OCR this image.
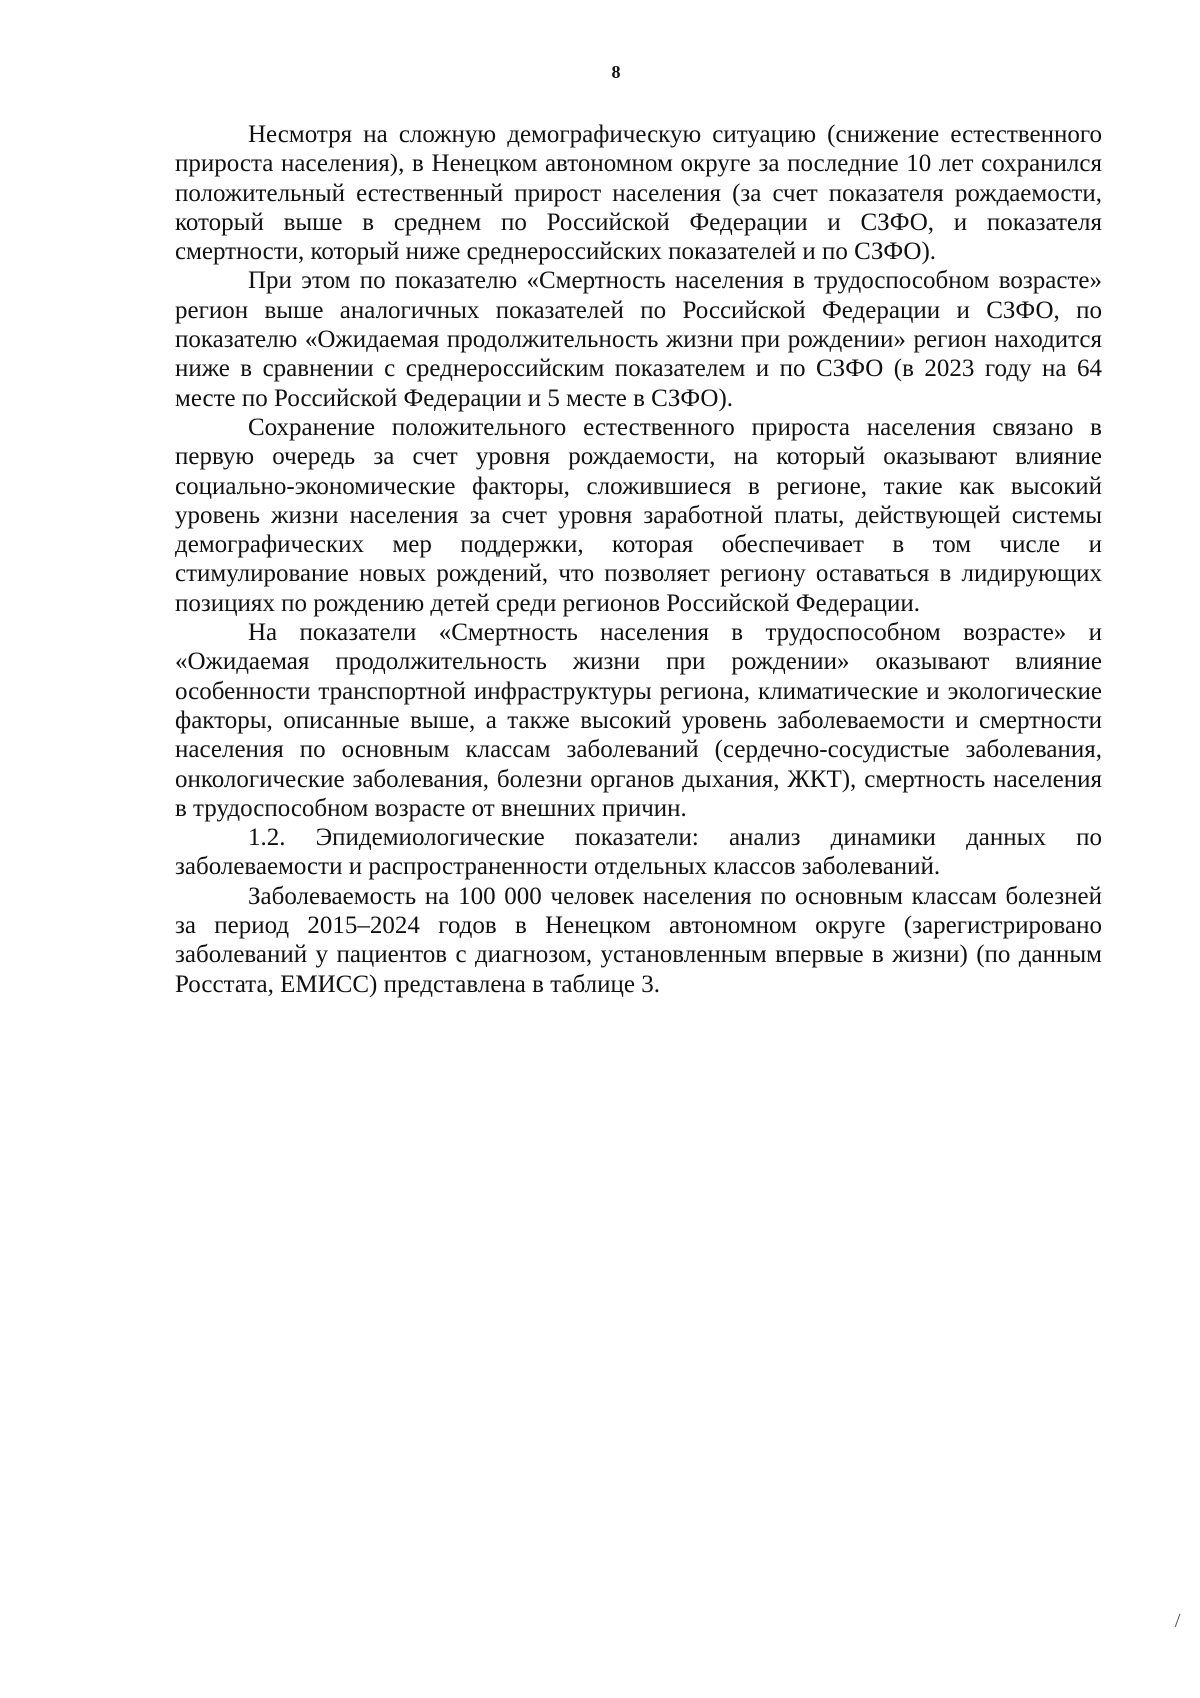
8

Несмотря на сложную демографическую ситуацию (снижение естественного прироста населения), в Ненецком автономном округе за последние 10 лет сохранился положительный естественный прирост населения (за счет показателя рождаемости, который выше в среднем по Российской Федерации и СЗФО, и показателя смертности, который ниже среднероссийских показателей и по СЗФО).

При этом по показателю «Смертность населения в трудоспособном возрасте» регион выше аналогичных показателей по Российской Федерации и СЗФО, по показателю «Ожидаемая продолжительность жизни при рождении» регион находится ниже в сравнении с среднероссийским показателем и по СЗФО (в 2023 году на 64 месте по Российской Федерации и 5 месте в СЗФО).

Сохранение положительного естественного прироста населения связано в первую очередь за счет уровня рождаемости, на который оказывают влияние социально-экономические факторы, сложившиеся в регионе, такие как высокий уровень жизни населения за счет уровня заработной платы, действующей системы демографических мер поддержки, которая обеспечивает в том числе и стимулирование новых рождений, что позволяет региону оставаться в лидирующих позициях по рождению детей среди регионов Российской Федерации.

На показатели «Смертность населения в трудоспособном возрасте» и «Ожидаемая продолжительность жизни при рождении» оказывают влияние особенности транспортной инфраструктуры региона, климатические и экологические факторы, описанные выше, а также высокий уровень заболеваемости и смертности населения по основным классам заболеваний (сердечно-сосудистые заболевания, онкологические заболевания, болезни органов дыхания, ЖКТ), смертность населения в трудоспособном возрасте от внешних причин.

1.2. Эпидемиологические показатели: анализ динамики данных по заболеваемости и распространенности отдельных классов заболеваний.

Заболеваемость на 100 000 человек населения по основным классам болезней за период 2015–2024 годов в Ненецком автономном округе (зарегистрировано заболеваний у пациентов с диагнозом, установленным впервые в жизни) (по данным Росстата, ЕМИСС) представлена в таблице 3.
